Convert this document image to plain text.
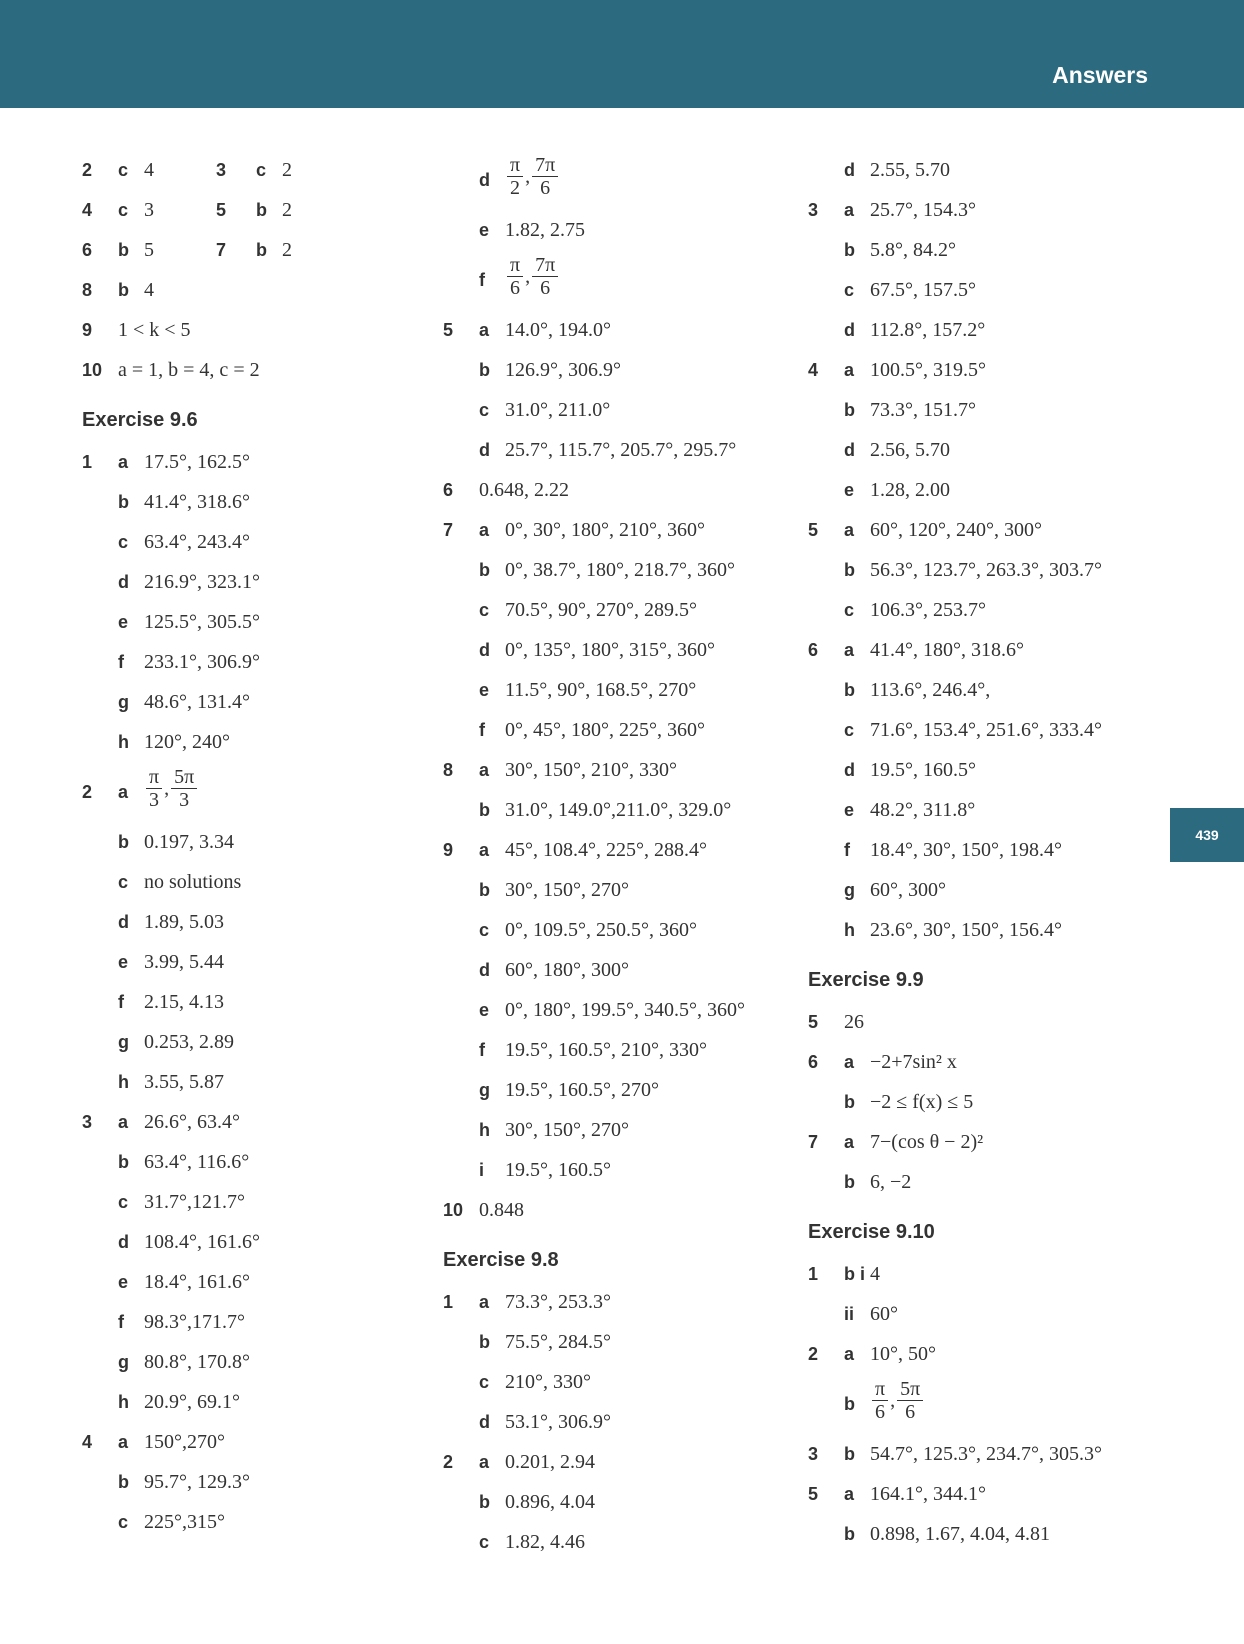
Answers
439
2 c 4	3 c 2
4 c 3	5 b 2
6 b 5	7 b 2
8 b 4
9 1 < k < 5
10 a = 1, b = 4, c = 2
Exercise 9.6
1 a 17.5°, 162.5°
b 41.4°, 318.6°
c 63.4°, 243.4°
d 216.9°, 323.1°
e 125.5°, 305.5°
f 233.1°, 306.9°
g 48.6°, 131.4°
h 120°, 240°
2 a $\frac{\pi}{3}$ , $\frac{5\pi}{3}$
b 0.197, 3.34
c no solutions
d 1.89, 5.03
e 3.99, 5.44
f 2.15, 4.13
g 0.253, 2.89
h 3.55, 5.87
3 a 26.6°, 63.4°
b 63.4°, 116.6°
c 31.7°,121.7°
d 108.4°, 161.6°
e 18.4°, 161.6°
f 98.3°,171.7°
g 80.8°, 170.8°
h 20.9°, 69.1°
4 a 150°,270°
b 95.7°, 129.3°
c 225°,315°
d $\frac{\pi}{2}$ , $\frac{7\pi}{6}$
e 1.82, 2.75
f $\frac{\pi}{6}$ , $\frac{7\pi}{6}$
5 a 14.0°, 194.0°
b 126.9°, 306.9°
c 31.0°, 211.0°
d 25.7°, 115.7°, 205.7°, 295.7°
6 0.648, 2.22
7 a 0°, 30°, 180°, 210°, 360°
b 0°, 38.7°, 180°, 218.7°, 360°
c 70.5°, 90°, 270°, 289.5°
d 0°, 135°, 180°, 315°, 360°
e 11.5°, 90°, 168.5°, 270°
f 0°, 45°, 180°, 225°, 360°
8 a 30°, 150°, 210°, 330°
b 31.0°, 149.0°,211.0°, 329.0°
9 a 45°, 108.4°, 225°, 288.4°
b 30°, 150°, 270°
c 0°, 109.5°, 250.5°, 360°
d 60°, 180°, 300°
e 0°, 180°, 199.5°, 340.5°, 360°
f 19.5°, 160.5°, 210°, 330°
g 19.5°, 160.5°, 270°
h 30°, 150°, 270°
i 19.5°, 160.5°
10 0.848
Exercise 9.8
1 a 73.3°, 253.3°
b 75.5°, 284.5°
c 210°, 330°
d 53.1°, 306.9°
2 a 0.201, 2.94
b 0.896, 4.04
c 1.82, 4.46
d 2.55, 5.70
3 a 25.7°, 154.3°
b 5.8°, 84.2°
c 67.5°, 157.5°
d 112.8°, 157.2°
4 a 100.5°, 319.5°
b 73.3°, 151.7°
d 2.56, 5.70
e 1.28, 2.00
5 a 60°, 120°, 240°, 300°
b 56.3°, 123.7°, 263.3°, 303.7°
c 106.3°, 253.7°
6 a 41.4°, 180°, 318.6°
b 113.6°, 246.4°,
c 71.6°, 153.4°, 251.6°, 333.4°
d 19.5°, 160.5°
e 48.2°, 311.8°
f 18.4°, 30°, 150°, 198.4°
g 60°, 300°
h 23.6°, 30°, 150°, 156.4°
Exercise 9.9
5 26
6 a −2+7sin² x
b −2 ≤ f(x) ≤ 5
7 a 7−(cos θ − 2)²
b 6, −2
Exercise 9.10
1 b i 4
ii 60°
2 a 10°, 50°
b $\frac{\pi}{6}$ , $\frac{5\pi}{6}$
3 b 54.7°, 125.3°, 234.7°, 305.3°
5 a 164.1°, 344.1°
b 0.898, 1.67, 4.04, 4.81
